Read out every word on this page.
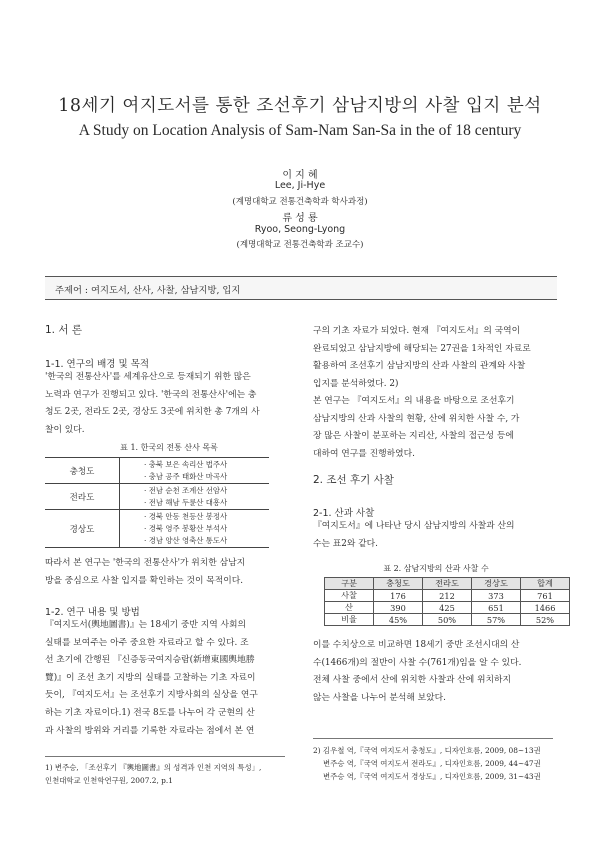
18세기 여지도서를 통한 조선후기 삼남지방의 사찰 입지 분석
A Study on Location Analysis of Sam-Nam San-Sa in the of 18 century
이 지 혜
Lee, Ji-Hye
(계명대학교 전통건축학과 학사과정)
류 성 룡
Ryoo, Seong-Lyong
(계명대학교 전통건축학과 조교수)
주제어 : 여지도서, 산사, 사찰, 삼남지방, 입지
1. 서 론
1-1. 연구의 배경 및 목적
'한국의 전통산사'를 세계유산으로 등재되기 위한 많은
노력과 연구가 진행되고 있다. '한국의 전통산사'에는 충
청도 2곳, 전라도 2곳, 경상도 3곳에 위치한 총 7개의 사
찰이 있다.
표 1. 한국의 전통 산사 목록
충청도	· 충북 보은 속리산 법주사
· 충남 공주 태화산 마곡사

전라도	· 전남 순천 조계산 선암사
· 전남 해남 두륜산 대흥사

경상도	· 경북 안동 천등산 봉정사
· 경북 영주 봉황산 부석사
· 경남 양산 영축산 통도사
따라서 본 연구는 '한국의 전통산사'가 위치한 삼남지
방을 중심으로 사찰 입지를 확인하는 것이 목적이다.
1-2. 연구 내용 및 방법
『여지도서(輿地圖書)』는 18세기 중반 지역 사회의
실태를 보여주는 아주 중요한 자료라고 할 수 있다. 조
선 초기에 간행된 『신증동국여지승람(新增東國輿地勝
覽)』이 조선 초기 지방의 실태를 고찰하는 기초 자료이
듯이, 『여지도서』는 조선후기 지방사회의 실상을 연구
하는 기초 자료이다.1) 전국 8도를 나누어 각 군현의 산
과 사찰의 방위와 거리를 기록한 자료라는 점에서 본 연
1) 변주승, 「조선후기 『輿地圖書』의 성격과 인천 지역의 특성」,
인천대학교 인천학연구원, 2007.2, p.1
구의 기초 자료가 되었다. 현재 『여지도서』의 국역이
완료되었고 삼남지방에 해당되는 27권을 1차적인 자료로
활용하여 조선후기 삼남지방의 산과 사찰의 관계와 사찰
입지를 분석하였다. 2)
본 연구는 『여지도서』의 내용을 바탕으로 조선후기
삼남지방의 산과 사찰의 현황, 산에 위치한 사찰 수, 가
장 많은 사찰이 분포하는 지리산, 사찰의 접근성 등에
대하여 연구를 진행하였다.
2. 조선 후기 사찰
2-1. 산과 사찰
『여지도서』에 나타난 당시 삼남지방의 사찰과 산의
수는 표2와 같다.
표 2. 삼남지방의 산과 사찰 수
구분	충청도	전라도	경상도	합계
사찰	176	212	373	761
산	390	425	651	1466
비율	45%	50%	57%	52%
이를 수치상으로 비교하면 18세기 중반 조선시대의 산
수(1466개)의 절반이 사찰 수(761개)임을 알 수 있다.
전체 사찰 중에서 산에 위치한 사찰과 산에 위치하지
않는 사찰을 나누어 분석해 보았다.
2) 김우철 역,『국역 여지도서 충청도』, 디자인흐름, 2009, 08~13권
변주승 역,『국역 여지도서 전라도』, 디자인흐름, 2009, 44~47권
변주승 역,『국역 여지도서 경상도』, 디자인흐름, 2009, 31~43권
